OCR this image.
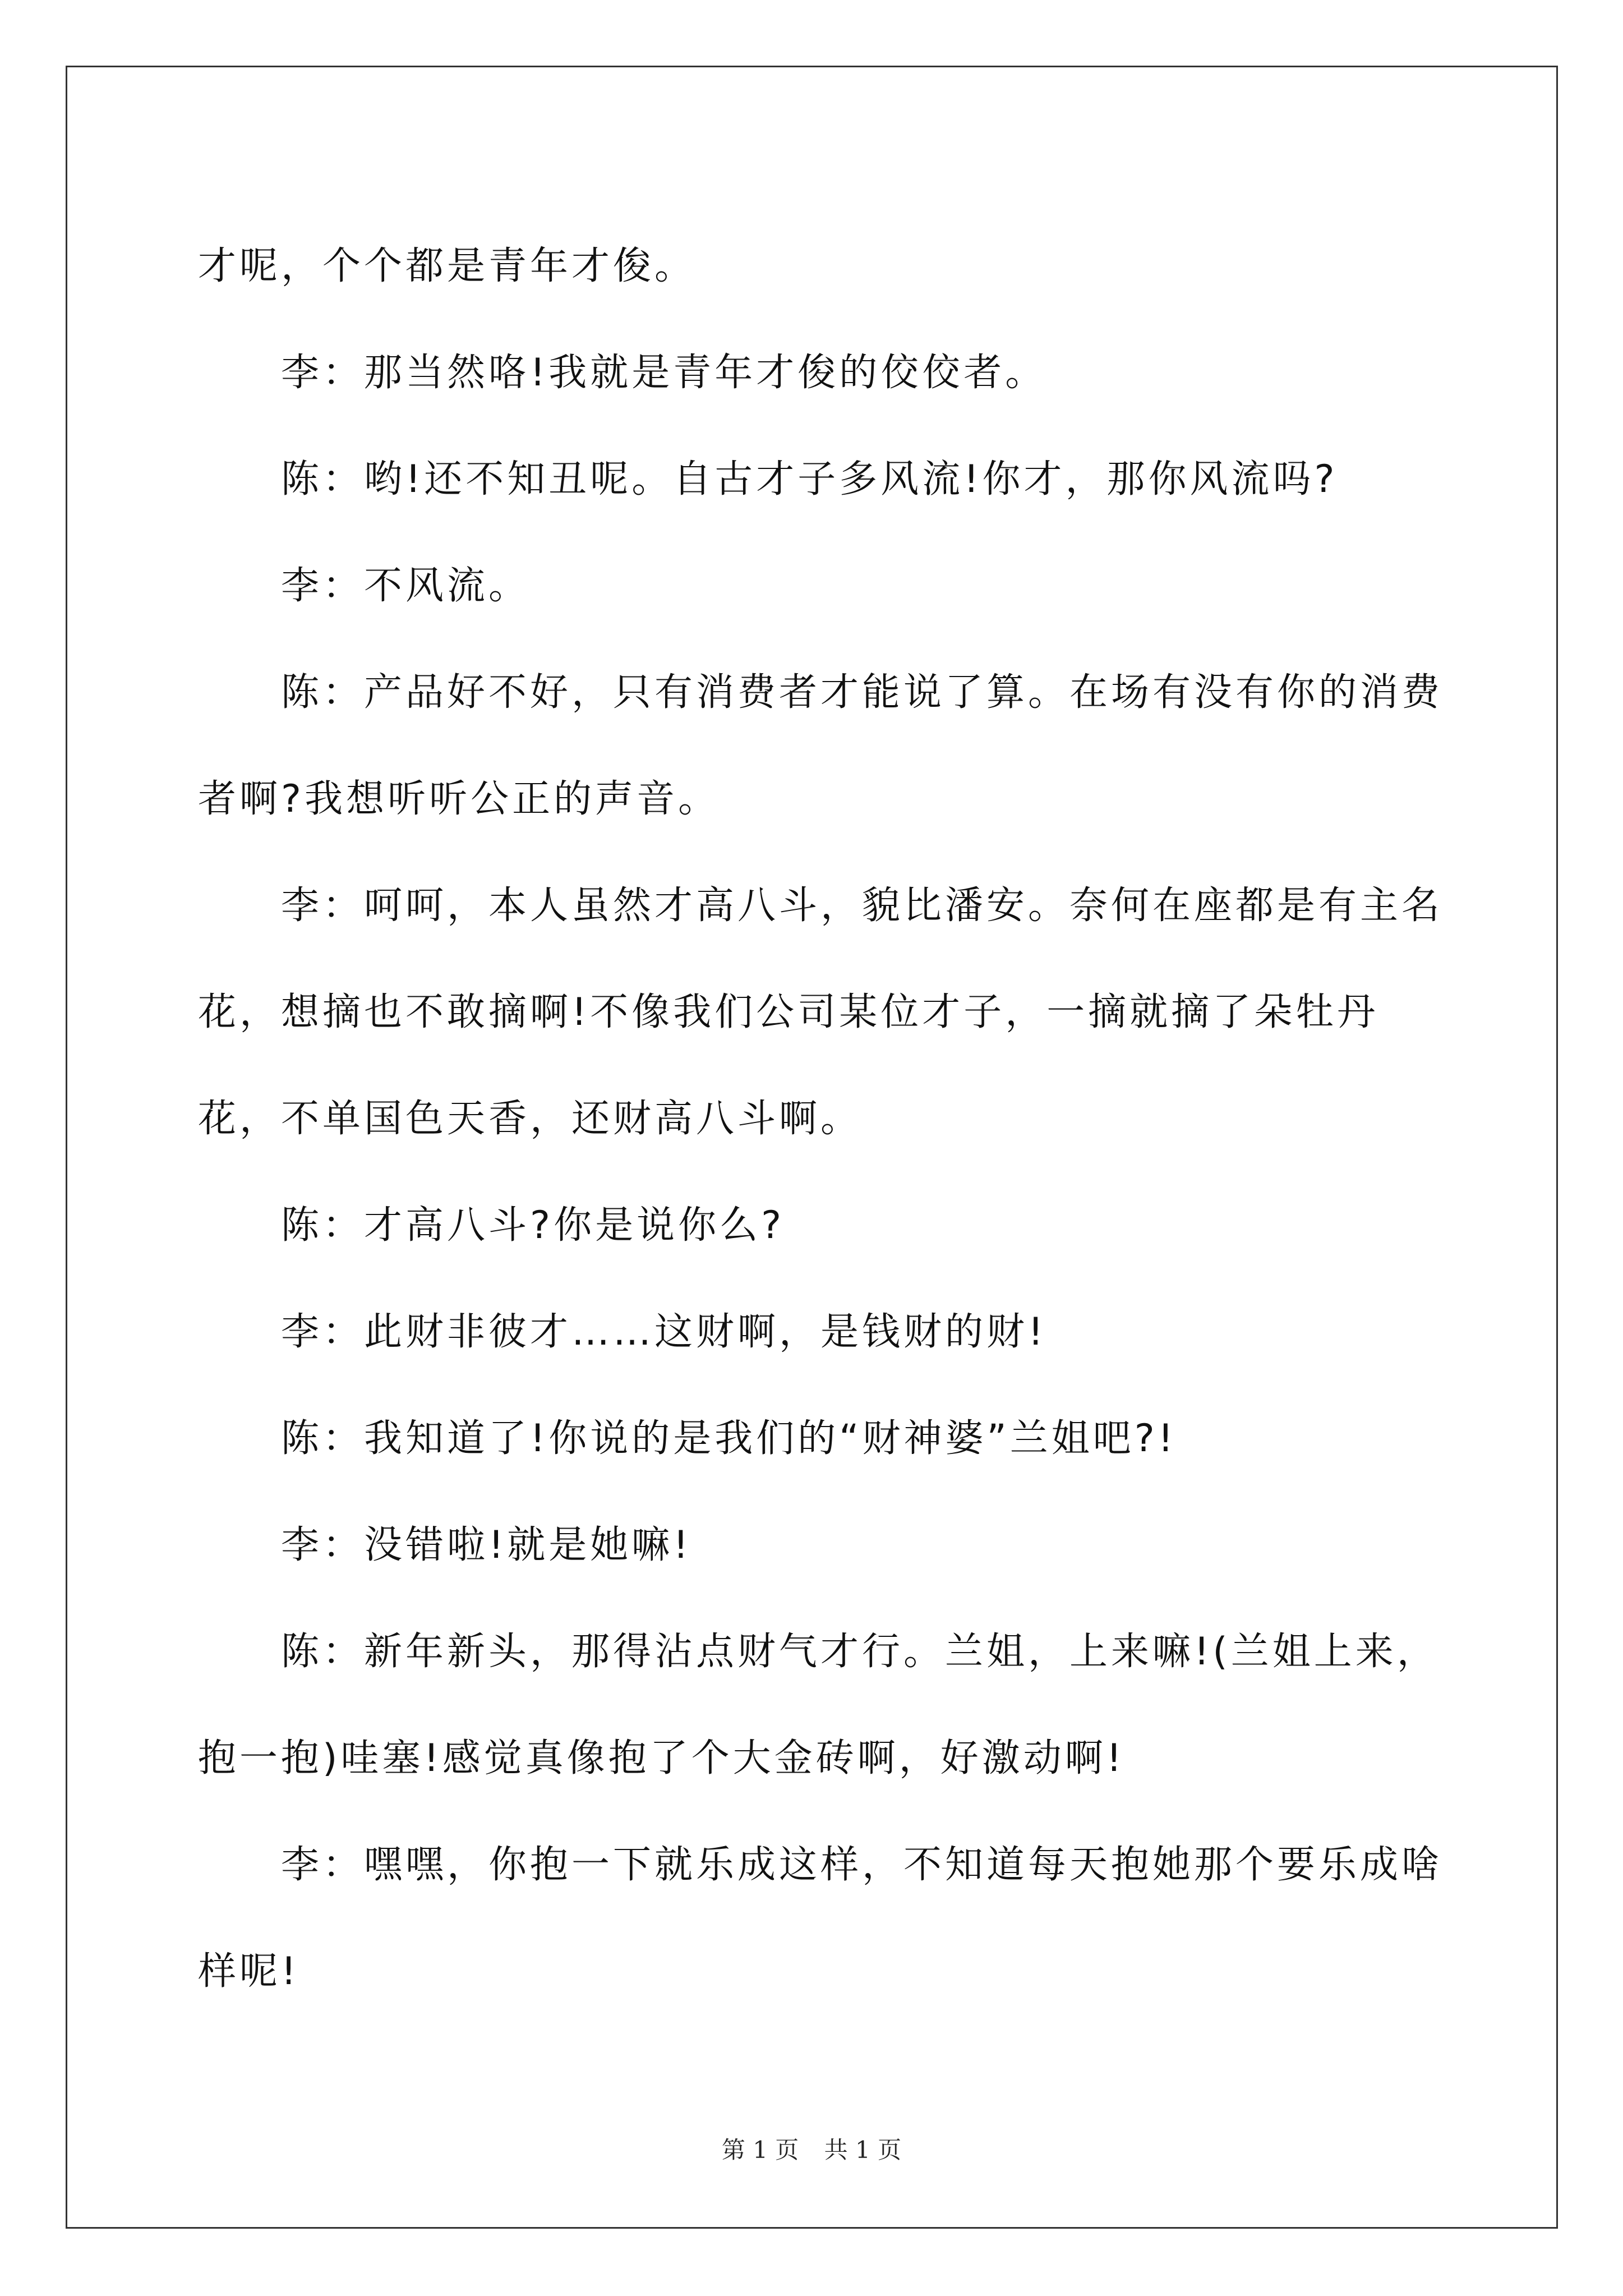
才呢，个个都是青年才俊。

李：那当然咯!我就是青年才俊的佼佼者。

陈：哟!还不知丑呢。自古才子多风流!你才，那你风流吗?

李：不风流。

陈：产品好不好，只有消费者才能说了算。在场有没有你的消费者啊?我想听听公正的声音。

李：呵呵，本人虽然才高八斗，貌比潘安。奈何在座都是有主名花，想摘也不敢摘啊!不像我们公司某位才子，一摘就摘了朵牡丹花，不单国色天香，还财高八斗啊。

陈：才高八斗?你是说你么?

李：此财非彼才……这财啊，是钱财的财!

陈：我知道了!你说的是我们的“财神婆”兰姐吧?!

李：没错啦!就是她嘛!

陈：新年新头，那得沾点财气才行。兰姐，上来嘛!(兰姐上来，抱一抱)哇塞!感觉真像抱了个大金砖啊，好激动啊!

李：嘿嘿，你抱一下就乐成这样，不知道每天抱她那个要乐成啥样呢!

第 1 页 共 1 页
